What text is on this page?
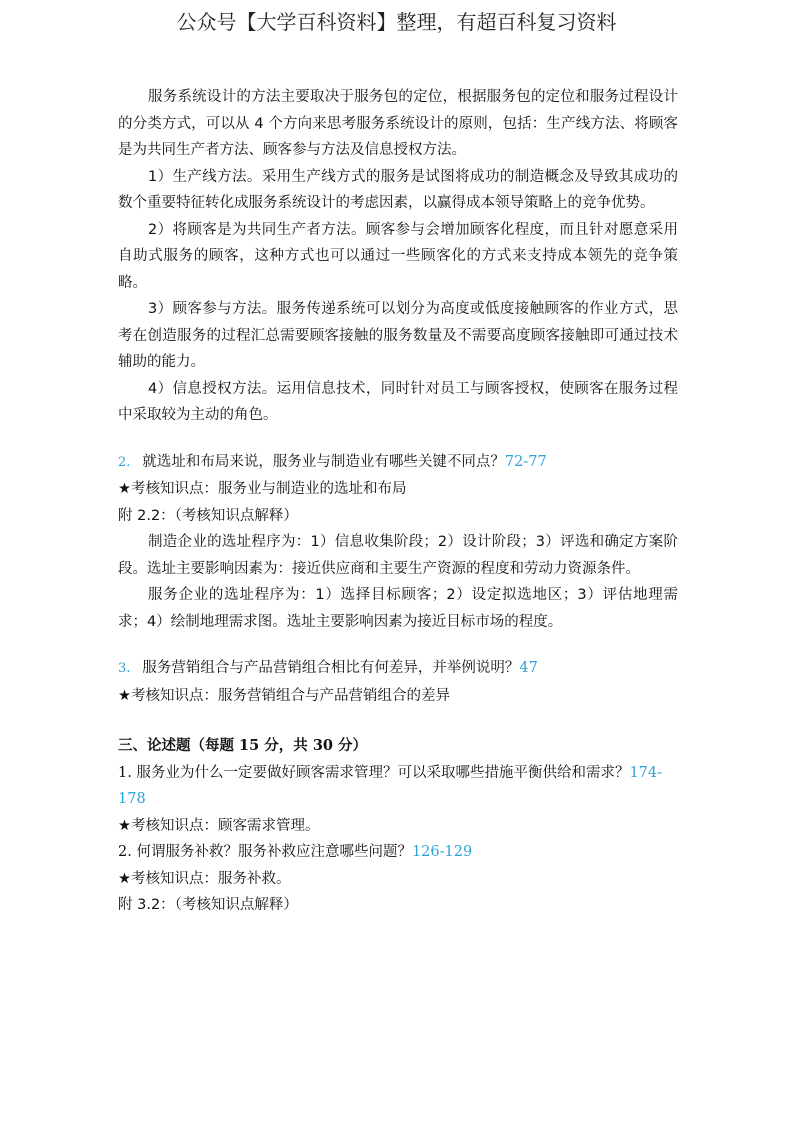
公众号【大学百科资料】整理，有超百科复习资料

服务系统设计的方法主要取决于服务包的定位，根据服务包的定位和服务过程设计的分类方式，可以从 4 个方向来思考服务系统设计的原则，包括：生产线方法、将顾客是为共同生产者方法、顾客参与方法及信息授权方法。

1）生产线方法。采用生产线方式的服务是试图将成功的制造概念及导致其成功的数个重要特征转化成服务系统设计的考虑因素，以赢得成本领导策略上的竞争优势。

2）将顾客是为共同生产者方法。顾客参与会增加顾客化程度，而且针对愿意采用自助式服务的顾客，这种方式也可以通过一些顾客化的方式来支持成本领先的竞争策略。

3）顾客参与方法。服务传递系统可以划分为高度或低度接触顾客的作业方式，思考在创造服务的过程汇总需要顾客接触的服务数量及不需要高度顾客接触即可通过技术辅助的能力。

4）信息授权方法。运用信息技术，同时针对员工与顾客授权，使顾客在服务过程中采取较为主动的角色。

2. 就选址和布局来说，服务业与制造业有哪些关键不同点？72-77

★考核知识点：服务业与制造业的选址和布局

附 2.2：（考核知识点解释）

制造企业的选址程序为：1）信息收集阶段；2）设计阶段；3）评选和确定方案阶段。选址主要影响因素为：接近供应商和主要生产资源的程度和劳动力资源条件。

服务企业的选址程序为：1）选择目标顾客；2）设定拟选地区；3）评估地理需求；4）绘制地理需求图。选址主要影响因素为接近目标市场的程度。

3. 服务营销组合与产品营销组合相比有何差异，并举例说明？47

★考核知识点：服务营销组合与产品营销组合的差异

三、论述题（每题 15 分，共 30 分）

1. 服务业为什么一定要做好顾客需求管理？可以采取哪些措施平衡供给和需求？174-178

★考核知识点：顾客需求管理。

2. 何谓服务补救？服务补救应注意哪些问题？126-129

★考核知识点：服务补救。

附 3.2：（考核知识点解释）
